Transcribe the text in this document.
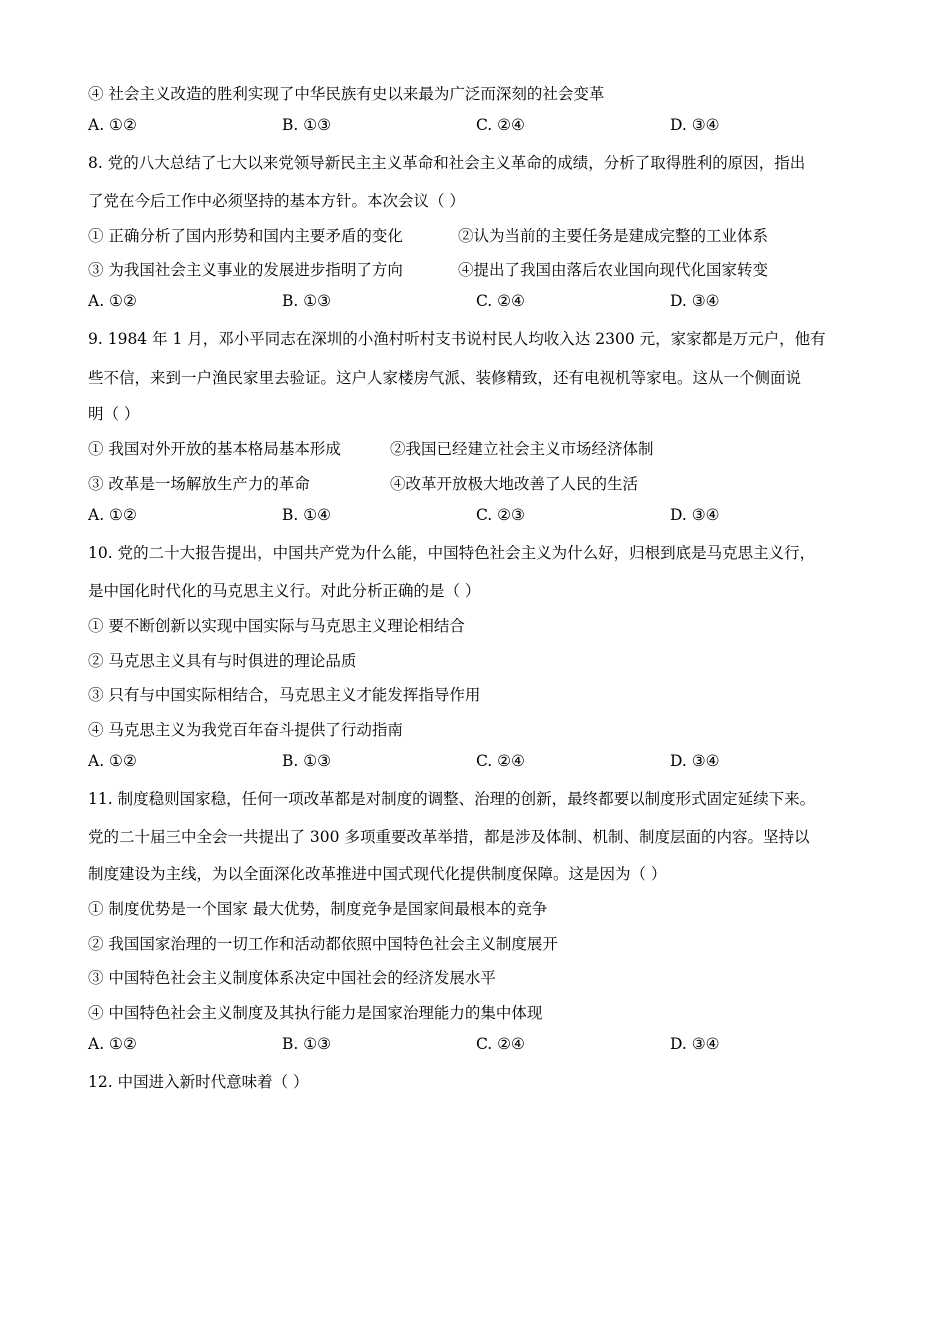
④ 社会主义改造的胜利实现了中华民族有史以来最为广泛而深刻的社会变革
A. ①②	B. ①③	C. ②④	D. ③④
8. 党的八大总结了七大以来党领导新民主主义革命和社会主义革命的成绩，分析了取得胜利的原因，指出
了党在今后工作中必须坚持的基本方针。本次会议（ ）
① 正确分析了国内形势和国内主要矛盾的变化	②认为当前的主要任务是建成完整的工业体系
③ 为我国社会主义事业的发展进步指明了方向	④提出了我国由落后农业国向现代化国家转变
A. ①②	B. ①③	C. ②④	D. ③④
9. 1984 年 1 月，邓小平同志在深圳的小渔村听村支书说村民人均收入达 2300 元，家家都是万元户，他有
些不信，来到一户渔民家里去验证。这户人家楼房气派、装修精致，还有电视机等家电。这从一个侧面说
明（ ）
① 我国对外开放的基本格局基本形成	②我国已经建立社会主义市场经济体制
③ 改革是一场解放生产力的革命	④改革开放极大地改善了人民的生活
A. ①②	B. ①④	C. ②③	D. ③④
10. 党的二十大报告提出，中国共产党为什么能，中国特色社会主义为什么好，归根到底是马克思主义行，
是中国化时代化的马克思主义行。对此分析正确的是（ ）
① 要不断创新以实现中国实际与马克思主义理论相结合
② 马克思主义具有与时俱进的理论品质
③ 只有与中国实际相结合，马克思主义才能发挥指导作用
④ 马克思主义为我党百年奋斗提供了行动指南
A. ①②	B. ①③	C. ②④	D. ③④
11. 制度稳则国家稳，任何一项改革都是对制度的调整、治理的创新，最终都要以制度形式固定延续下来。
党的二十届三中全会一共提出了 300 多项重要改革举措，都是涉及体制、机制、制度层面的内容。坚持以
制度建设为主线，为以全面深化改革推进中国式现代化提供制度保障。这是因为（ ）
① 制度优势是一个国家 最大优势，制度竞争是国家间最根本的竞争
② 我国国家治理的一切工作和活动都依照中国特色社会主义制度展开
③ 中国特色社会主义制度体系决定中国社会的经济发展水平
④ 中国特色社会主义制度及其执行能力是国家治理能力的集中体现
A. ①②	B. ①③	C. ②④	D. ③④
12. 中国进入新时代意味着（ ）
